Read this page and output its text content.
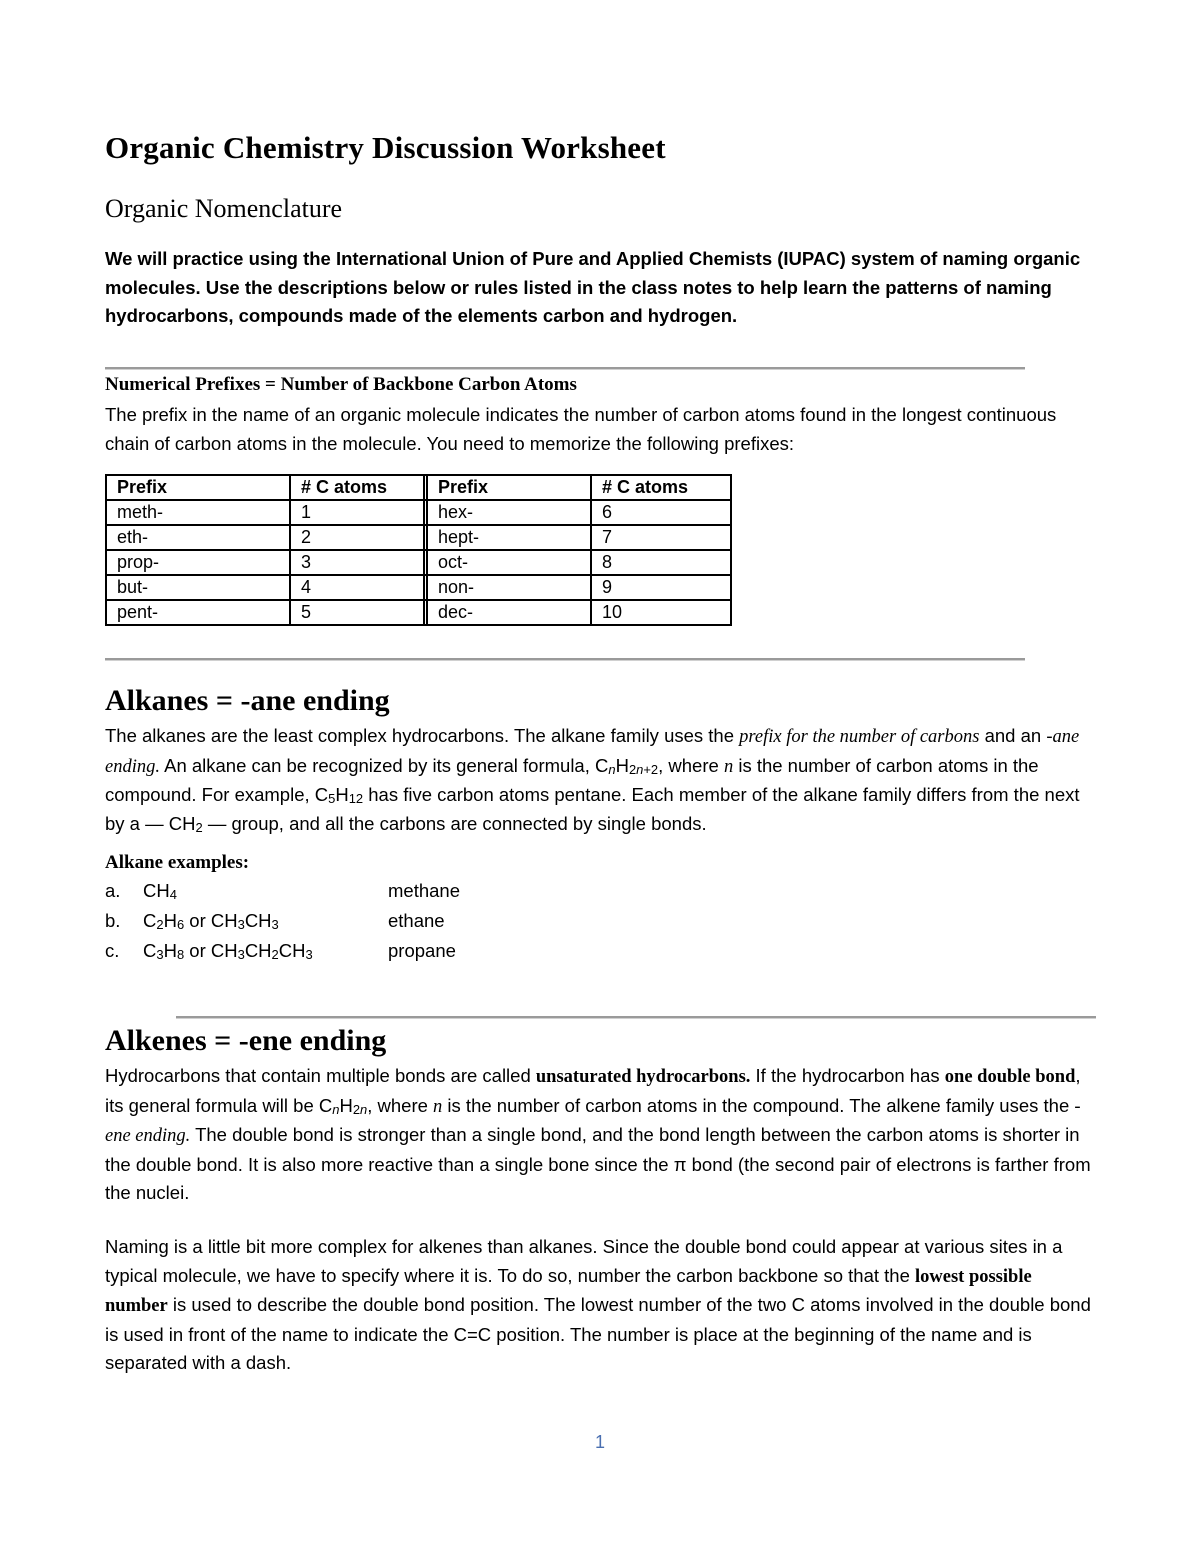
Organic Chemistry Discussion Worksheet
Organic Nomenclature
We will practice using the International Union of Pure and Applied Chemists (IUPAC) system of naming organic molecules. Use the descriptions below or rules listed in the class notes to help learn the patterns of naming hydrocarbons, compounds made of the elements carbon and hydrogen.
Numerical Prefixes = Number of Backbone Carbon Atoms
The prefix in the name of an organic molecule indicates the number of carbon atoms found in the longest continuous chain of carbon atoms in the molecule. You need to memorize the following prefixes:
Prefix	# C atoms		Prefix	# C atoms
meth-	1		hex-	6
eth-	2		hept-	7
prop-	3		oct-	8
but-	4		non-	9
pent-	5		dec-	10
Alkanes = -ane ending
The alkanes are the least complex hydrocarbons. The alkane family uses the prefix for the number of carbons and an -ane ending. An alkane can be recognized by its general formula, $C_nH_{2n+2}$, where n is the number of carbon atoms in the compound. For example, $C_5H_{12}$ has five carbon atoms pentane. Each member of the alkane family differs from the next by a — $CH_2$ — group, and all the carbons are connected by single bonds.
Alkane examples:
a. $CH_4$	methane
b. $C_2H_6$ or $CH_3CH_3$	ethane
c. $C_3H_8$ or $CH_3CH_2CH_3$	propane
Alkenes = -ene ending
Hydrocarbons that contain multiple bonds are called unsaturated hydrocarbons. If the hydrocarbon has one double bond, its general formula will be $C_nH_{2n}$, where n is the number of carbon atoms in the compound. The alkene family uses the -ene ending. The double bond is stronger than a single bond, and the bond length between the carbon atoms is shorter in the double bond. It is also more reactive than a single bone since the π bond (the second pair of electrons is farther from the nuclei.
Naming is a little bit more complex for alkenes than alkanes. Since the double bond could appear at various sites in a typical molecule, we have to specify where it is. To do so, number the carbon backbone so that the lowest possible number is used to describe the double bond position. The lowest number of the two C atoms involved in the double bond is used in front of the name to indicate the C=C position. The number is place at the beginning of the name and is separated with a dash.
1
